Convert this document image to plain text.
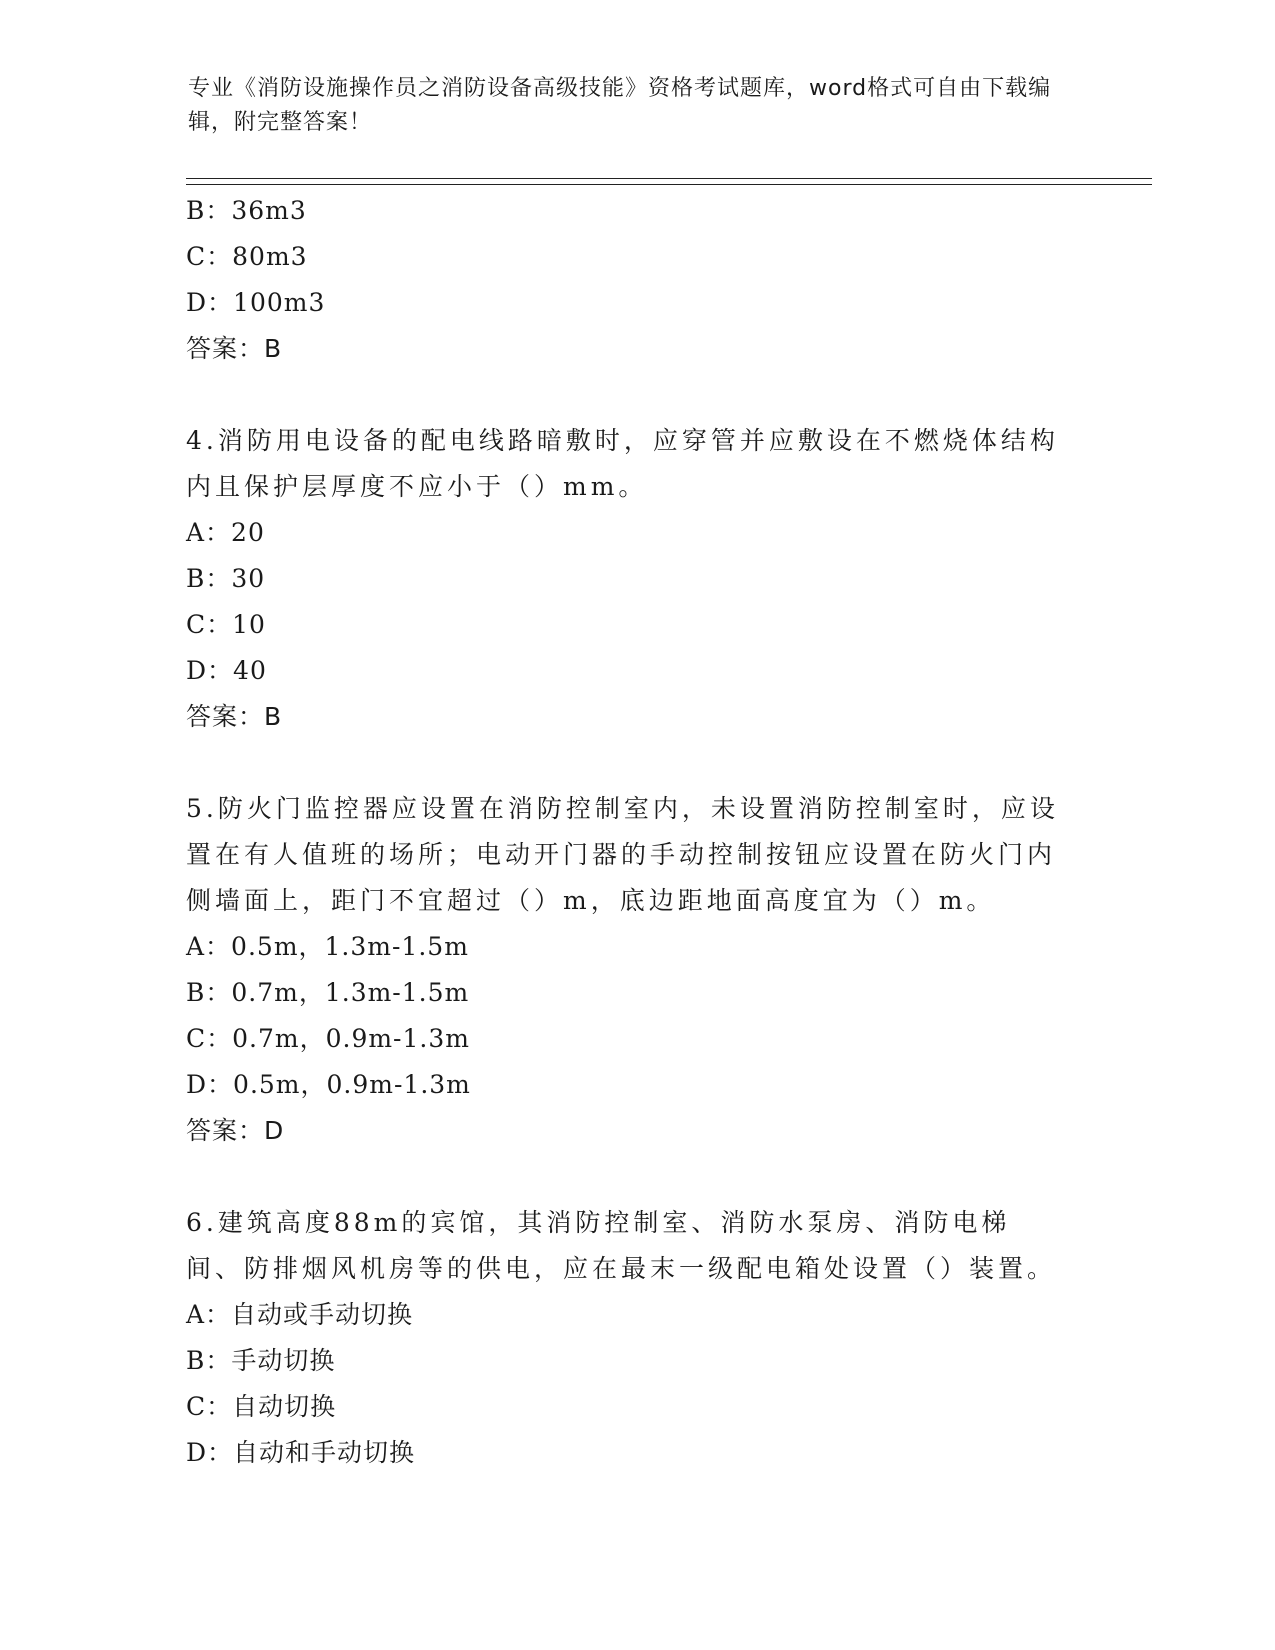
专业《消防设施操作员之消防设备高级技能》资格考试题库，word格式可自由下载编辑，附完整答案！
B：36m3
C：80m3
D：100m3
答案：B
4.消防用电设备的配电线路暗敷时，应穿管并应敷设在不燃烧体结构内且保护层厚度不应小于（）mm。
A：20
B：30
C：10
D：40
答案：B
5.防火门监控器应设置在消防控制室内，未设置消防控制室时，应设置在有人值班的场所；电动开门器的手动控制按钮应设置在防火门内侧墙面上，距门不宜超过（）m，底边距地面高度宜为（）m。
A：0.5m，1.3m-1.5m
B：0.7m，1.3m-1.5m
C：0.7m，0.9m-1.3m
D：0.5m，0.9m-1.3m
答案：D
6.建筑高度88m的宾馆，其消防控制室、消防水泵房、消防电梯间、防排烟风机房等的供电，应在最末一级配电箱处设置（）装置。
A：自动或手动切换
B：手动切换
C：自动切换
D：自动和手动切换
